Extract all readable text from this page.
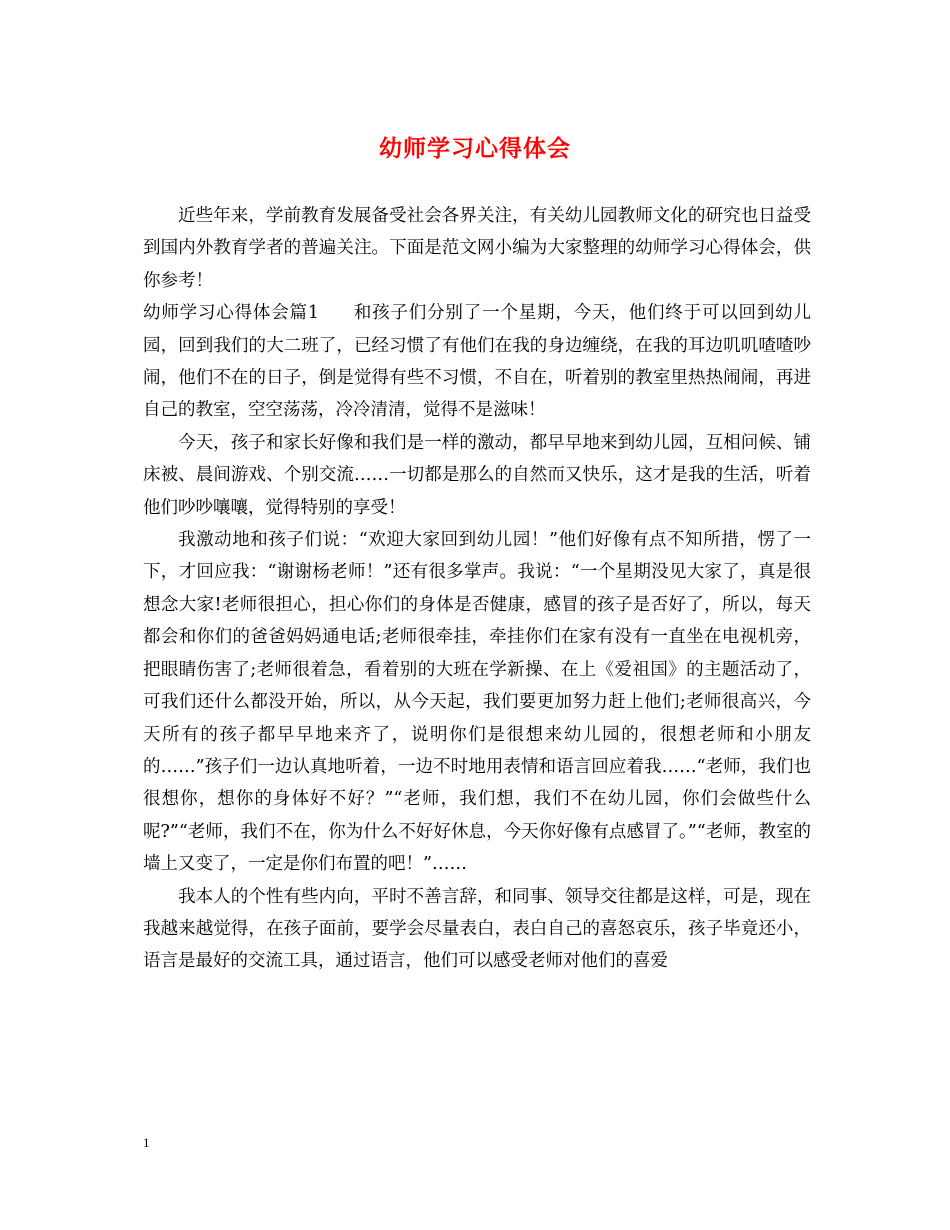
幼师学习心得体会

近些年来，学前教育发展备受社会各界关注，有关幼儿园教师文化的研究也日益受到国内外教育学者的普遍关注。下面是范文网小编为大家整理的幼师学习心得体会，供你参考！

幼师学习心得体会篇1 和孩子们分别了一个星期，今天，他们终于可以回到幼儿园，回到我们的大二班了，已经习惯了有他们在我的身边缠绕，在我的耳边叽叽喳喳吵闹，他们不在的日子，倒是觉得有些不习惯，不自在，听着别的教室里热热闹闹，再进自己的教室，空空荡荡，冷冷清清，觉得不是滋味！

今天，孩子和家长好像和我们是一样的激动，都早早地来到幼儿园，互相问候、铺床被、晨间游戏、个别交流……一切都是那么的自然而又快乐，这才是我的生活，听着他们吵吵嚷嚷，觉得特别的享受！

我激动地和孩子们说：“欢迎大家回到幼儿园！”他们好像有点不知所措，愣了一下，才回应我：“谢谢杨老师！”还有很多掌声。我说：“一个星期没见大家了，真是很想念大家!老师很担心，担心你们的身体是否健康，感冒的孩子是否好了，所以，每天都会和你们的爸爸妈妈通电话;老师很牵挂，牵挂你们在家有没有一直坐在电视机旁，把眼睛伤害了;老师很着急，看着别的大班在学新操、在上《爱祖国》的主题活动了，可我们还什么都没开始，所以，从今天起，我们要更加努力赶上他们;老师很高兴，今天所有的孩子都早早地来齐了，说明你们是很想来幼儿园的，很想老师和小朋友的……”孩子们一边认真地听着，一边不时地用表情和语言回应着我……“老师，我们也很想你，想你的身体好不好？”“老师，我们想，我们不在幼儿园，你们会做些什么呢?”“老师，我们不在，你为什么不好好休息，今天你好像有点感冒了。”“老师，教室的墙上又变了，一定是你们布置的吧！”……

我本人的个性有些内向，平时不善言辞，和同事、领导交往都是这样，可是，现在我越来越觉得，在孩子面前，要学会尽量表白，表白自己的喜怒哀乐，孩子毕竟还小，语言是最好的交流工具，通过语言，他们可以感受老师对他们的喜爱

1
